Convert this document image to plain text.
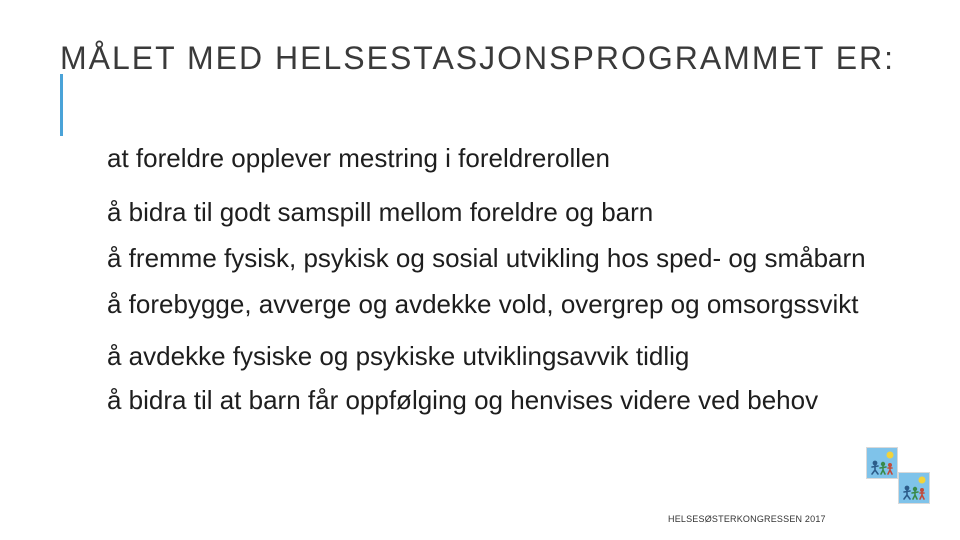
MÅLET MED HELSESTASJONSPROGRAMMET ER:
at foreldre opplever mestring i foreldrerollen
å bidra til godt samspill mellom foreldre og barn
å fremme fysisk, psykisk og sosial utvikling hos sped- og småbarn
å forebygge, avverge og avdekke vold, overgrep og omsorgssvikt
å avdekke fysiske og psykiske utviklingsavvik tidlig
å bidra til at barn får oppfølging og henvises videre ved behov
HELSESØSTERKONGRESSEN 2017
